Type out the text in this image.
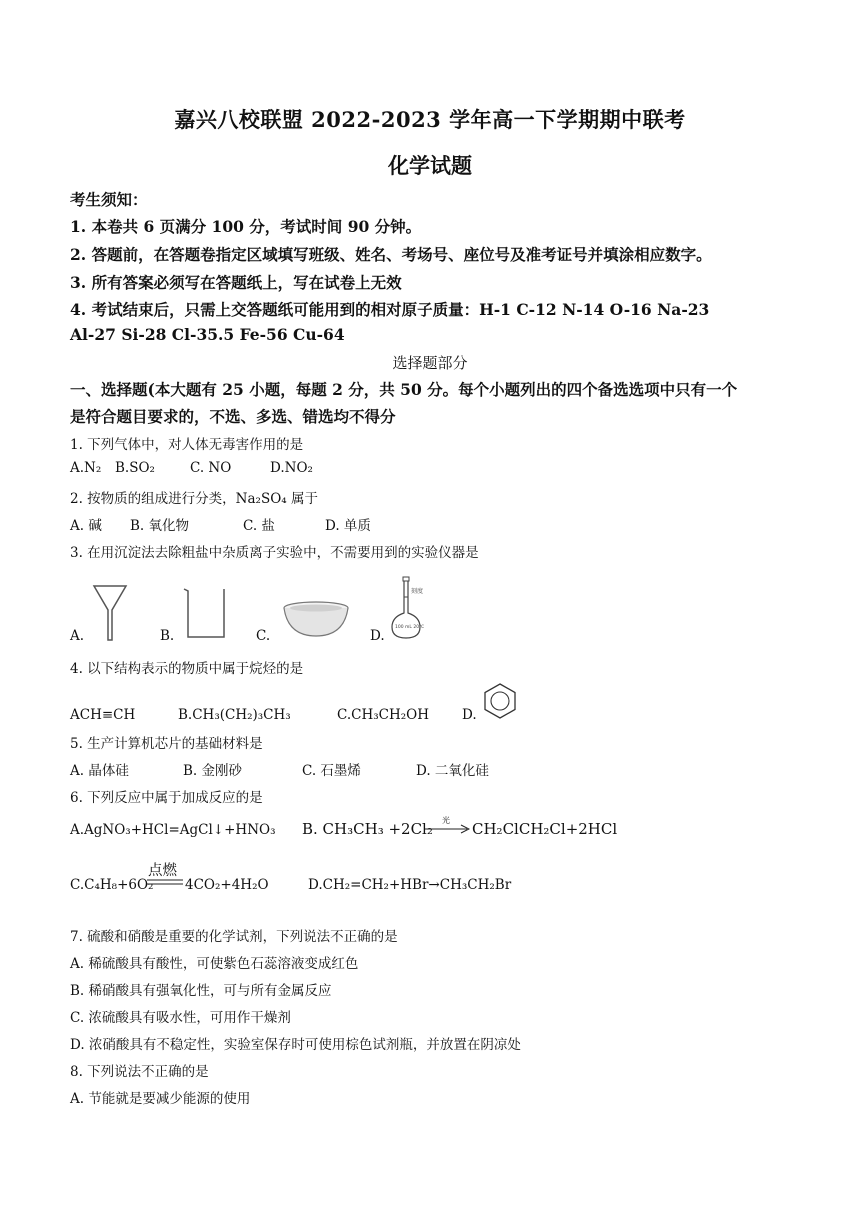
嘉兴八校联盟 2022-2023 学年高一下学期期中联考
化学试题
考生须知：
1. 本卷共 6 页满分 100 分，考试时间 90 分钟。
2. 答题前，在答题卷指定区域填写班级、姓名、考场号、座位号及准考证号并填涂相应数字。
3. 所有答案必须写在答题纸上，写在试卷上无效
4. 考试结束后，只需上交答题纸可能用到的相对原子质量：H-1 C-12 N-14 O-16 Na-23
Al-27 Si-28 Cl-35.5 Fe-56 Cu-64
选择题部分
一、选择题(本大题有 25 小题，每题 2 分，共 50 分。每个小题列出的四个备选选项中只有一个
是符合题目要求的，不选、多选、错选均不得分
1. 下列气体中，对人体无毒害作用的是
A.N₂ B.SO₂	C. NO	D.NO₂
2. 按物质的组成进行分类，Na₂SO₄ 属于
A. 碱 B. 氧化物	C. 盐	D. 单质
3. 在用沉淀法去除粗盐中杂质离子实验中，不需要用到的实验仪器是
A.	B.	C.	D.
刻度
100 mL 20℃
4. 以下结构表示的物质中属于烷烃的是
ACH≡CH	B.CH₃(CH₂)₃CH₃	C.CH₃CH₂OH D.
5. 生产计算机芯片的基础材料是
A. 晶体硅	B. 金刚砂	C. 石墨烯	D. 二氧化硅
6. 下列反应中属于加成反应的是
A.AgNO₃+HCl=AgCl↓+HNO₃ B. CH₃CH₃ +2Cl₂ 光 → CH₂ClCH₂Cl+2HCl
C.C₄H₈+6O₂
点燃
4CO₂+4H₂O	D.CH₂=CH₂+HBr→CH₃CH₂Br
7. 硫酸和硝酸是重要的化学试剂，下列说法不正确的是
A. 稀硫酸具有酸性，可使紫色石蕊溶液变成红色
B. 稀硝酸具有强氧化性，可与所有金属反应
C. 浓硫酸具有吸水性，可用作干燥剂
D. 浓硝酸具有不稳定性，实验室保存时可使用棕色试剂瓶，并放置在阴凉处
8. 下列说法不正确的是
A. 节能就是要减少能源的使用
